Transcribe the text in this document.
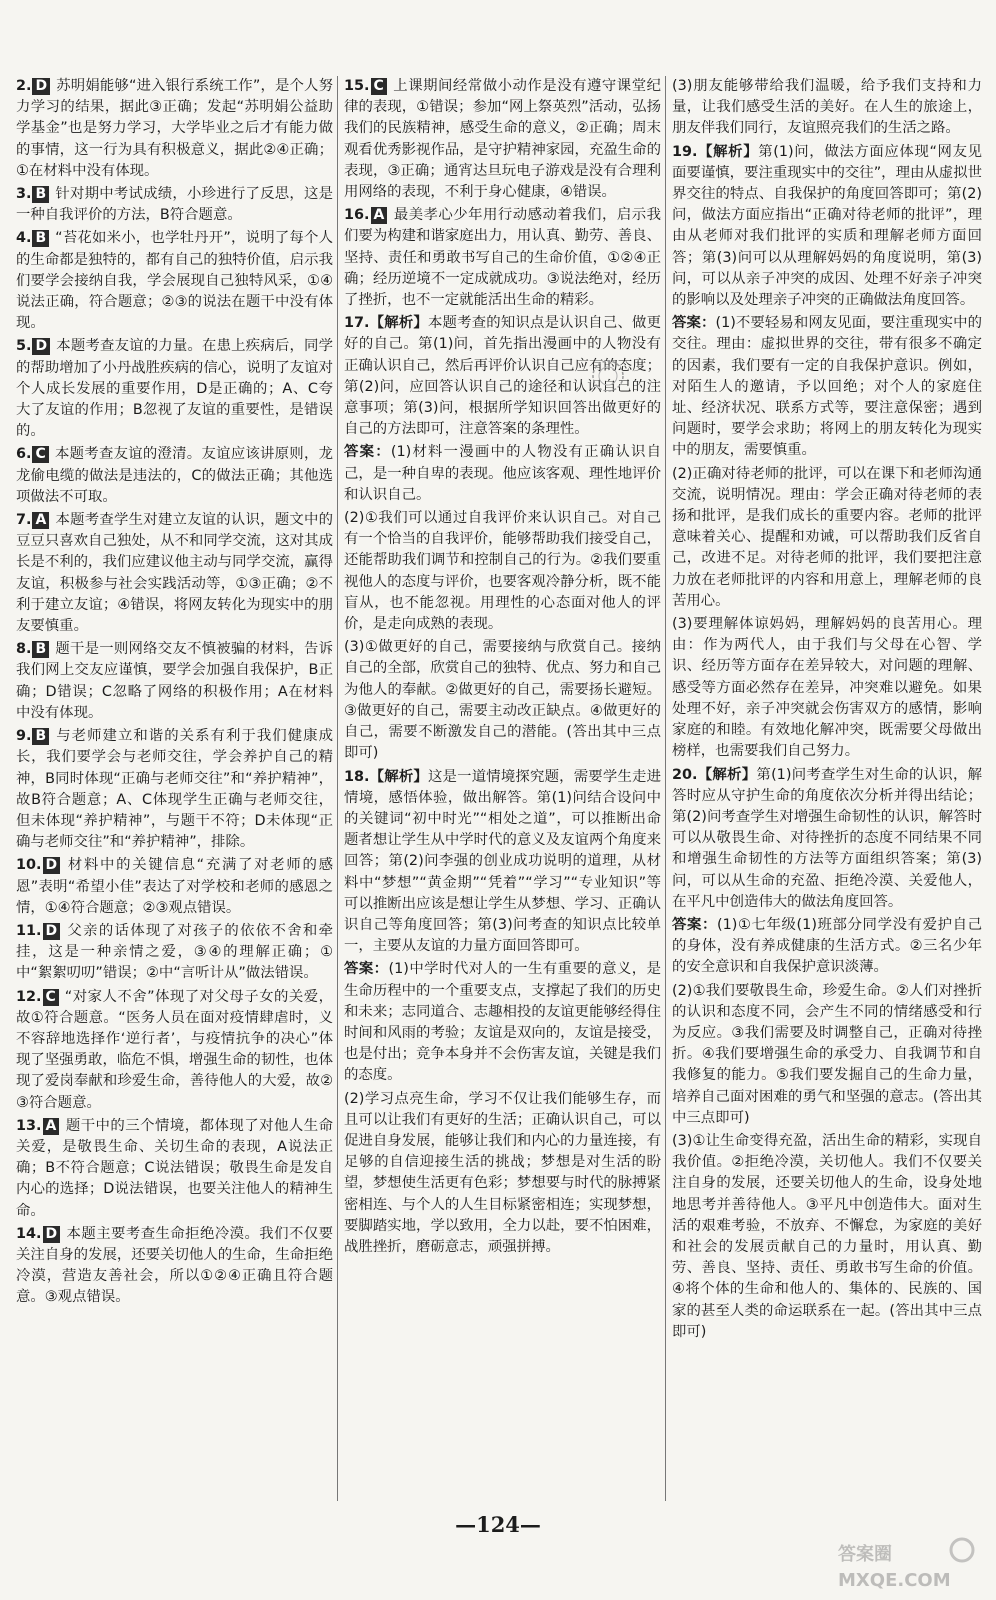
2. D 苏明娟能够“进入银行系统工作”，是个人努力学习的结果，据此③正确；发起“苏明娟公益助学基金”也是努力学习，大学毕业之后才有能力做的事情，这一行为具有积极意义，据此②④正确；①在材料中没有体现。
3. B 针对期中考试成绩，小珍进行了反思，这是一种自我评价的方法，B符合题意。
4. B “苔花如米小，也学牡丹开”，说明了每个人的生命都是独特的，都有自己的独特价值，启示我们要学会接纳自我，学会展现自己独特风采，①④说法正确，符合题意；②③的说法在题干中没有体现。
5. D 本题考查友谊的力量。在患上疾病后，同学的帮助增加了小丹战胜疾病的信心，说明了友谊对个人成长发展的重要作用，D是正确的；A、C夸大了友谊的作用；B忽视了友谊的重要性，是错误的。
6. C 本题考查友谊的澄清。友谊应该讲原则，龙龙偷电缆的做法是违法的，C的做法正确；其他选项做法不可取。
7. A 本题考查学生对建立友谊的认识，题文中的豆豆只喜欢自己独处，从不和同学交流，这对其成长是不利的，我们应建议他主动与同学交流，赢得友谊，积极参与社会实践活动等，①③正确；②不利于建立友谊；④错误，将网友转化为现实中的朋友要慎重。
8. B 题干是一则网络交友不慎被骗的材料，告诉我们网上交友应谨慎，要学会加强自我保护，B正确；D错误；C忽略了网络的积极作用；A在材料中没有体现。
9. B 与老师建立和谐的关系有利于我们健康成长，我们要学会与老师交往，学会养护自己的精神，B同时体现“正确与老师交往”和“养护精神”，故B符合题意；A、C体现学生正确与老师交往，但未体现“养护精神”，与题干不符；D未体现“正确与老师交往”和“养护精神”，排除。
10. D 材料中的关键信息“充满了对老师的感恩”表明“希望小佳”表达了对学校和老师的感恩之情，①④符合题意；②③观点错误。
11. D 父亲的话体现了对孩子的依依不舍和牵挂，这是一种亲情之爱，③④的理解正确；①中“絮絮叨叨”错误；②中“言听计从”做法错误。
12. C “对家人不舍”体现了对父母子女的关爱，故①符合题意。“医务人员在面对疫情肆虐时，义不容辞地选择作‘逆行者’，与疫情抗争的决心”体现了坚强勇敢，临危不惧，增强生命的韧性，也体现了爱岗奉献和珍爱生命，善待他人的大爱，故②③符合题意。
13. A 题干中的三个情境，都体现了对他人生命关爱，是敬畏生命、关切生命的表现，A说法正确；B不符合题意；C说法错误；敬畏生命是发自内心的选择；D说法错误，也要关注他人的精神生命。
14. D 本题主要考查生命拒绝冷漠。我们不仅要关注自身的发展，还要关切他人的生命，生命拒绝冷漠，营造友善社会，所以①②④正确且符合题意。③观点错误。
15. C 上课期间经常做小动作是没有遵守课堂纪律的表现，①错误；参加“网上祭英烈”活动，弘扬我们的民族精神，感受生命的意义，②正确；周末观看优秀影视作品，是守护精神家园，充盈生命的表现，③正确；通宵达旦玩电子游戏是没有合理利用网络的表现，不利于身心健康，④错误。
16. A 最美孝心少年用行动感动着我们，启示我们要为构建和谐家庭出力，用认真、勤劳、善良、坚持、责任和勇敢书写自己的生命价值，①②④正确；经历逆境不一定成就成功。③说法绝对，经历了挫折，也不一定就能活出生命的精彩。
17.【解析】本题考查的知识点是认识自己、做更好的自己。第(1)问，首先指出漫画中的人物没有正确认识自己，然后再评价认识自己应有的态度；第(2)问，应回答认识自己的途径和认识自己的注意事项；第(3)问，根据所学知识回答出做更好的自己的方法即可，注意答案的条理性。
答案：(1)材料一漫画中的人物没有正确认识自己，是一种自卑的表现。他应该客观、理性地评价和认识自己。
(2)①我们可以通过自我评价来认识自己。对自己有一个恰当的自我评价，能够帮助我们接受自己，还能帮助我们调节和控制自己的行为。②我们要重视他人的态度与评价，也要客观冷静分析，既不能盲从，也不能忽视。用理性的心态面对他人的评价，是走向成熟的表现。
(3)①做更好的自己，需要接纳与欣赏自己。接纳自己的全部，欣赏自己的独特、优点、努力和自己为他人的奉献。②做更好的自己，需要扬长避短。③做更好的自己，需要主动改正缺点。④做更好的自己，需要不断激发自己的潜能。(答出其中三点即可)
18.【解析】这是一道情境探究题，需要学生走进情境，感悟体验，做出解答。第(1)问结合设问中的关键词“初中时光”“相处之道”，可以推断出命题者想让学生从中学时代的意义及友谊两个角度来回答；第(2)问李强的创业成功说明的道理，从材料中“梦想”“黄金期”“凭着”“学习”“专业知识”等可以推断出应该是想让学生从梦想、学习、正确认识自己等角度回答；第(3)问考查的知识点比较单一，主要从友谊的力量方面回答即可。
答案：(1)中学时代对人的一生有重要的意义，是生命历程中的一个重要支点，支撑起了我们的历史和未来；志同道合、志趣相投的友谊更能够经得住时间和风雨的考验；友谊是双向的，友谊是接受，也是付出；竞争本身并不会伤害友谊，关键是我们的态度。
(2)学习点亮生命，学习不仅让我们能够生存，而且可以让我们有更好的生活；正确认识自己，可以促进自身发展，能够让我们和内心的力量连接，有足够的自信迎接生活的挑战；梦想是对生活的盼望，梦想使生活更有色彩；梦想要与时代的脉搏紧密相连、与个人的人生目标紧密相连；实现梦想，要脚踏实地，学以致用，全力以赴，要不怕困难，战胜挫折，磨砺意志，顽强拼搏。
(3)朋友能够带给我们温暖，给予我们支持和力量，让我们感受生活的美好。在人生的旅途上，朋友伴我们同行，友谊照亮我们的生活之路。
19.【解析】第(1)问，做法方面应体现“网友见面要谨慎，要注重现实中的交往”，理由从虚拟世界交往的特点、自我保护的角度回答即可；第(2)问，做法方面应指出“正确对待老师的批评”，理由从老师对我们批评的实质和理解老师方面回答；第(3)问可以从理解妈妈的角度说明，第(3)问，可以从亲子冲突的成因、处理不好亲子冲突的影响以及处理亲子冲突的正确做法角度回答。
答案：(1)不要轻易和网友见面，要注重现实中的交往。理由：虚拟世界的交往，带有很多不确定的因素，我们要有一定的自我保护意识。例如，对陌生人的邀请，予以回绝；对个人的家庭住址、经济状况、联系方式等，要注意保密；遇到问题时，要学会求助；将网上的朋友转化为现实中的朋友，需要慎重。
(2)正确对待老师的批评，可以在课下和老师沟通交流，说明情况。理由：学会正确对待老师的表扬和批评，是我们成长的重要内容。老师的批评意味着关心、提醒和劝诫，可以帮助我们反省自己，改进不足。对待老师的批评，我们要把注意力放在老师批评的内容和用意上，理解老师的良苦用心。
(3)要理解体谅妈妈，理解妈妈的良苦用心。理由：作为两代人，由于我们与父母在心智、学识、经历等方面存在差异较大，对问题的理解、感受等方面必然存在差异，冲突难以避免。如果处理不好，亲子冲突就会伤害双方的感情，影响家庭的和睦。有效地化解冲突，既需要父母做出榜样，也需要我们自己努力。
20.【解析】第(1)问考查学生对生命的认识，解答时应从守护生命的角度依次分析并得出结论；第(2)问考查学生对增强生命韧性的认识，解答时可以从敬畏生命、对待挫折的态度不同结果不同和增强生命韧性的方法等方面组织答案；第(3)问，可以从生命的充盈、拒绝冷漠、关爱他人，在平凡中创造伟大的做法角度回答。
答案：(1)①七年级(1)班部分同学没有爱护自己的身体，没有养成健康的生活方式。②三名少年的安全意识和自我保护意识淡薄。
(2)①我们要敬畏生命，珍爱生命。②人们对挫折的认识和态度不同，会产生不同的情绪感受和行为反应。③我们需要及时调整自己，正确对待挫折。④我们要增强生命的承受力、自我调节和自我修复的能力。⑤我们要发掘自己的生命力量，培养自己面对困难的勇气和坚强的意志。(答出其中三点即可)
(3)①让生命变得充盈，活出生命的精彩，实现自我价值。②拒绝冷漠，关切他人。我们不仅要关注自身的发展，还要关切他人的生命，设身处地地思考并善待他人。③平凡中创造伟大。面对生活的艰难考验，不放弃、不懈怠，为家庭的美好和社会的发展贡献自己的力量时，用认真、勤劳、善良、坚持、责任、勇敢书写生命的价值。④将个体的生命和他人的、集体的、民族的、国家的甚至人类的命运联系在一起。(答出其中三点即可)
—124—
答案圈
MXQE.COM
